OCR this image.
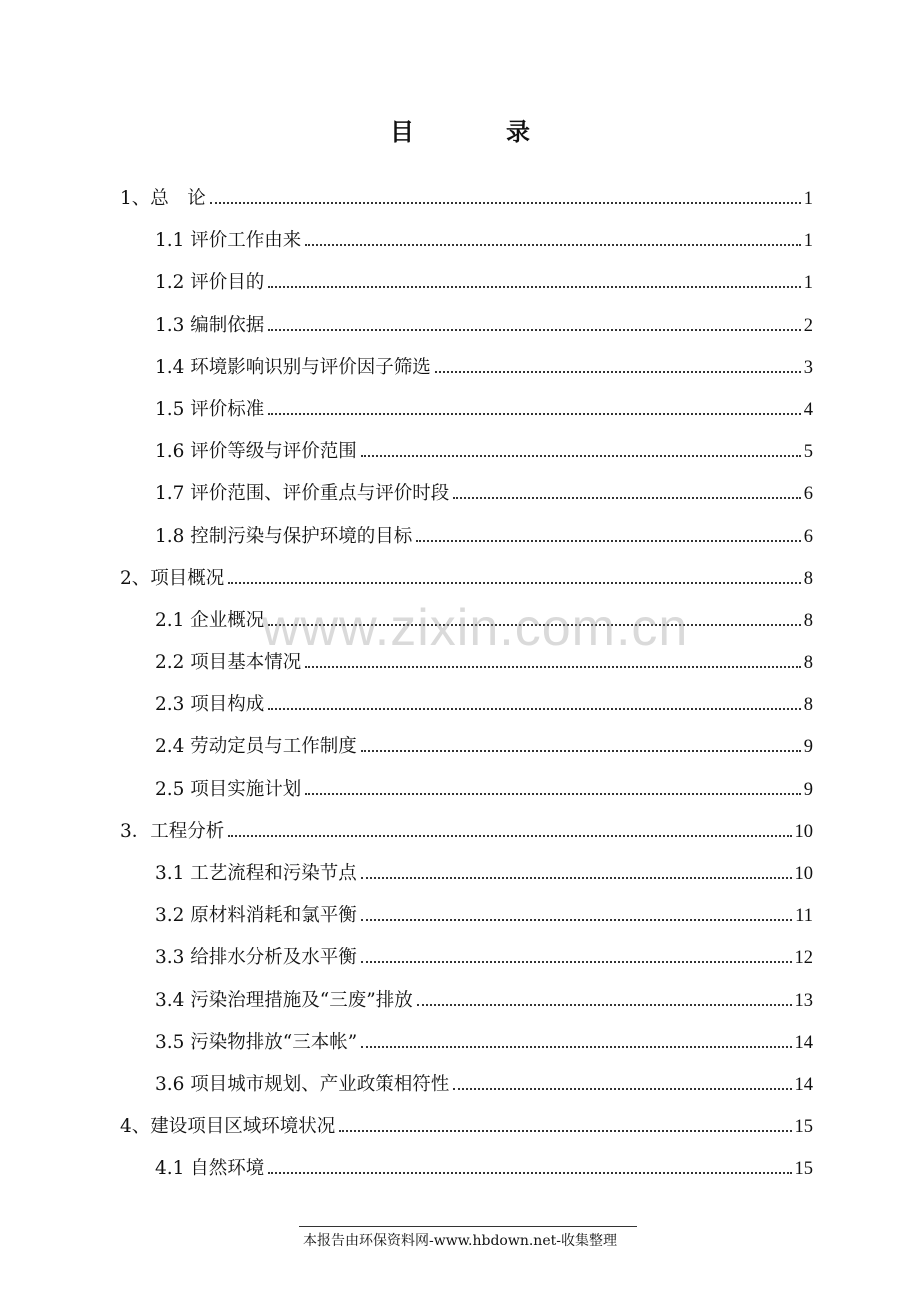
目　录
1、总　论	1
1.1 评价工作由来	1
1.2 评价目的	1
1.3 编制依据	2
1.4 环境影响识别与评价因子筛选	3
1.5 评价标准	4
1.6 评价等级与评价范围	5
1.7 评价范围、评价重点与评价时段	6
1.8 控制污染与保护环境的目标	6
2、项目概况	8
2.1 企业概况	8
2.2 项目基本情况	8
2.3 项目构成	8
2.4 劳动定员与工作制度	9
2.5 项目实施计划	9
3．工程分析	10
3.1 工艺流程和污染节点	10
3.2 原材料消耗和氯平衡	11
3.3 给排水分析及水平衡	12
3.4 污染治理措施及“三废”排放	13
3.5 污染物排放“三本帐”	14
3.6 项目城市规划、产业政策相符性	14
4、建设项目区域环境状况	15
4.1 自然环境	15
www.zixin.com.cn
本报告由环保资料网-www.hbdown.net-收集整理
